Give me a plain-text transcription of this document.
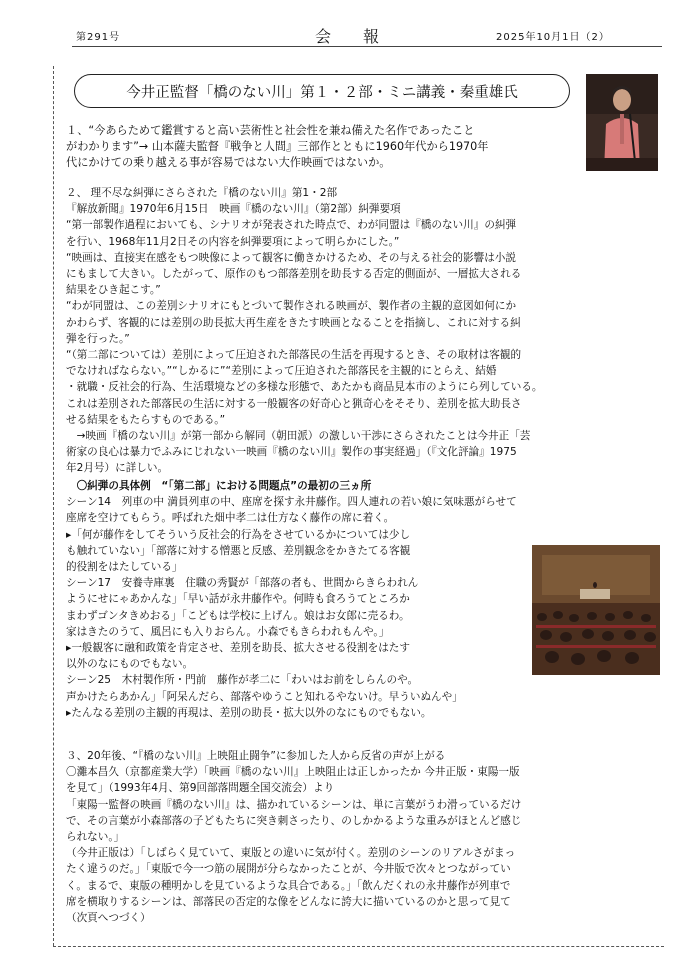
第291号	会　　報	2025年10月1日（2）
今井正監督「橋のない川」第１・２部・ミニ講義・秦重雄氏
１、“今あらためて鑑賞すると高い芸術性と社会性を兼ね備えた名作であったこと
がわかります”→ 山本薩夫監督『戦争と人間』三部作とともに1960年代から1970年
代にかけての乗り越える事が容易ではない大作映画ではないか。
２、 理不尽な糾弾にさらされた『橋のない川』第1・2部
『解放新聞』1970年6月15日　映画『橋のない川』（第2部）糾弾要項
“第一部製作過程においても、シナリオが発表された時点で、わが同盟は『橋のない川』の糾弾
を行い、1968年11月2日その内容を糾弾要項によって明らかにした。”
“映画は、直接実在感をもつ映像によって観客に働きかけるため、その与える社会的影響は小説
にもまして大きい。したがって、原作のもつ部落差別を助長する否定的側面が、一層拡大される
結果をひき起こす。”
“わが同盟は、この差別シナリオにもとづいて製作される映画が、製作者の主観的意図如何にか
かわらず、客観的には差別の助長拡大再生産をきたす映画となることを指摘し、これに対する糾
弾を行った。”
“（第二部については）差別によって圧迫された部落民の生活を再現するとき、その取材は客観的
でなければならない。”“しかるに”“差別によって圧迫された部落民を主観的にとらえ、結婚
・就職・反社会的行為、生活環境などの多様な形態で、あたかも商品見本市のようにら列している。
これは差別された部落民の生活に対する一般観客の好奇心と猟奇心をそそり、差別を拡大助長さ
せる結果をもたらすものである。”
　→映画『橋のない川』が第一部から解同（朝田派）の激しい干渉にさらされたことは今井正「芸
術家の良心は暴力でふみにじれない一映画『橋のない川』製作の事実経過」（『文化評論』1975
年2月号）に詳しい。
　〇糾弾の具体例　“「第二部」における問題点”の最初の三ヵ所
シーン14　列車の中 満員列車の中、座席を探す永井藤作。四人連れの若い娘に気味悪がらせて
座席を空けてもらう。呼ばれた畑中孝二は仕方なく藤作の席に着く。
▸「何が藤作をしてそういう反社会的行為をさせているかについては少し
も触れていない」「部落に対する憎悪と反感、差別観念をかきたてる客観
的役割をはたしている」
シーン17　安養寺庫裏　住職の秀賢が「部落の者も、世間からきらわれん
ようにせにゃあかんな」「早い話が永井藤作や。何時も食ろうてところか
まわずゴンタきめおる」「こどもは学校に上げん。娘はお女郎に売るわ。
家はきたのうて、風呂にも入りおらん。小森でもきらわれもんや。」
▸一般観客に融和政策を肯定させ、差別を助長、拡大させる役割をはたす
以外のなにものでもない。
シーン25　木村製作所・門前　藤作が孝二に「わいはお前をしらんのや。
声かけたらあかん」「阿呆んだら、部落やゆうこと知れるやないけ。早ういぬんや」
▸たんなる差別の主観的再現は、差別の助長・拡大以外のなにものでもない。
３、20年後、“『橋のない川』上映阻止闘争”に参加した人から反省の声が上がる
〇灘本昌久（京都産業大学）「映画『橋のない川』上映阻止は正しかったか 今井正版・東陽一版
を見て」（1993年4月、第9回部落問題全国交流会）より
「東陽一監督の映画『橋のない川』は、描かれているシーンは、単に言葉がうわ滑っているだけ
で、その言葉が小森部落の子どもたちに突き刺さったり、のしかかるような重みがほとんど感じ
られない。」
（今井正版は）「しばらく見ていて、東版との違いに気が付く。差別のシーンのリアルさがまっ
たく違うのだ。」「東版で今一つ筋の展開が分らなかったことが、今井版で次々とつながってい
く。まるで、東版の種明かしを見ているような具合である。」「飲んだくれの永井藤作が列車で
席を横取りするシーンは、部落民の否定的な像をどんなに誇大に描いているのかと思って見て
（次頁へつづく）
